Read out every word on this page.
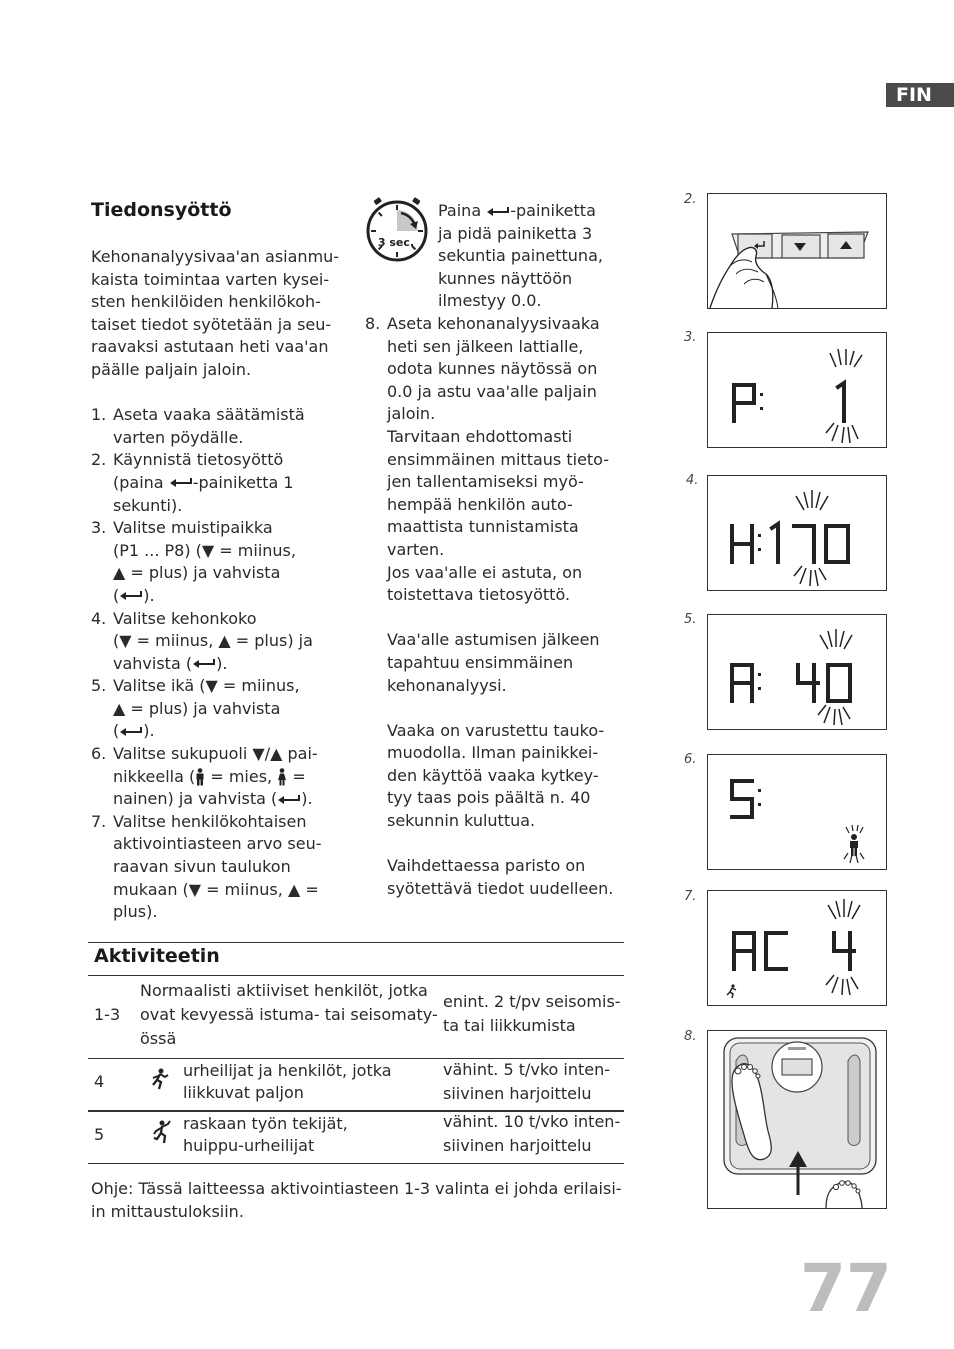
FIN
Tiedonsyöttö

Kehonanalyysivaa'an asianmu-

kaista toimintaa varten kysei-

sten henkilöiden henkilökoh-

taiset tiedot syötetään ja seu-

raavaksi astutaan heti vaa'an

päälle paljain jaloin.

1. Aseta vaaka säätämistä
varten pöydälle.
2. Käynnistä tietosyöttö
(paina -painiketta 1
sekunti).
3. Valitse muistipaikka
(P1 ... P8) (▼ = miinus,
▲ = plus) ja vahvista
( ).
4. Valitse kehonkoko
(▼ = miinus, ▲ = plus) ja
vahvista ( ).
5. Valitse ikä (▼ = miinus,
▲ = plus) ja vahvista
( ).
6. Valitse sukupuoli ▼/▲ pai-
nikkeella ( = mies,  =
nainen) ja vahvista ( ).
7. Valitse henkilökohtaisen
aktivointiasteen arvo seu-
raavan sivun taulukon
mukaan (▼ = miinus, ▲ =
plus).
3 sec.
Paina -painiketta
ja pidä painiketta 3
sekuntia painettuna,
kunnes näyttöön
ilmestyy 0.0.
8. Aseta kehonanalyysivaaka
heti sen jälkeen lattialle,
odota kunnes näytössä on
0.0 ja astu vaa'alle paljain
jaloin.
Tarvitaan ehdottomasti
ensimmäinen mittaus tieto-
jen tallentamiseksi myö-
hempää henkilön auto-
maattista tunnistamista
varten.
Jos vaa'alle ei astuta, on
toistettava tietosyöttö.
Vaa'alle astumisen jälkeen
tapahtuu ensimmäinen
kehonanalyysi.
Vaaka on varustettu tauko-
muodolla. Ilman painikkei-
den käyttöä vaaka kytkey-
tyy taas pois päältä n. 40
sekunnin kuluttua.
Vaihdettaessa paristo on
syötettävä tiedot uudelleen.
Aktiviteetin
1-3
Normaalisti aktiiviset henkilöt, jotka
ovat kevyessä istuma- tai seisomaty-
össä
enint. 2 t/pv seisomis-
ta tai liikkumista
4
urheilijat ja henkilöt, jotka
liikkuvat paljon
vähint. 5 t/vko inten-
siivinen harjoittelu
5
raskaan työn tekijät,
huippu-urheilijat
vähint. 10 t/vko inten-
siivinen harjoittelu
Ohje: Tässä laitteessa aktivointiasteen 1-3 valinta ei johda erilaisi-
in mittaustuloksiin.
2.
3.
4.
5.
6.
7.
8.
77
